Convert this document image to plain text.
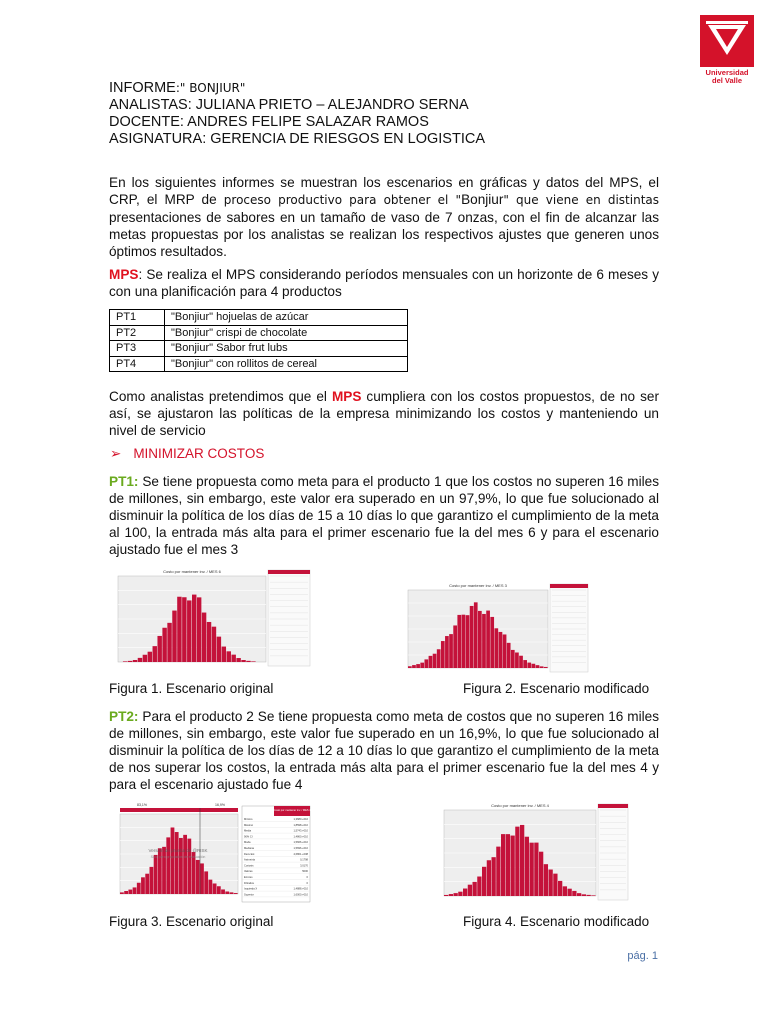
Universidad
del Valle
INFORME:" BONJIUR"
ANALISTAS: JULIANA PRIETO – ALEJANDRO SERNA
DOCENTE: ANDRES FELIPE SALAZAR RAMOS
ASIGNATURA: GERENCIA DE RIESGOS EN LOGISTICA
En los siguientes informes se muestran los escenarios en gráficas y datos del MPS, el CRP, el MRP de proceso productivo para obtener el "Bonjiur" que viene en distintas presentaciones de sabores en un tamaño de vaso de 7 onzas, con el fin de alcanzar las metas propuestas por los analistas se realizan los respectivos ajustes que generen unos óptimos resultados.
MPS: Se realiza el MPS considerando períodos mensuales con un horizonte de 6 meses y con una planificación para 4 productos
PT1	"Bonjiur" hojuelas de azúcar
PT2	"Bonjiur" crispi de chocolate
PT3	"Bonjiur" Sabor frut lubs
PT4	"Bonjiur" con rollitos de cereal
Como analistas pretendimos que el MPS cumpliera con los costos propuestos, de no ser así, se ajustaron las políticas de la empresa minimizando los costos y manteniendo un nivel de servicio
➢ MINIMIZAR COSTOS
PT1: Se tiene propuesta como meta para el producto 1 que los costos no superen 16 miles de millones, sin embargo, este valor era superado en un 97,9%, lo que fue solucionado al disminuir la política de los días de 15 a 10 días lo que garantizo el cumplimiento de la meta al 100, la entrada más alta para el primer escenario fue la del mes 6 y para el escenario ajustado fue el mes 3
Costo por mantener inv. / MES 6
Figura 1. Escenario original
Costo por mantener inv. / MES 3
Figura 2. Escenario modificado
PT2: Para el producto 2 Se tiene propuesta como meta de costos que no superen 16 miles de millones, sin embargo, este valor fue superado en un 16,9%, lo que fue solucionado al disminuir la política de los días de 12 a 10 días lo que garantizo el cumplimiento de la meta de nos superar los costos, la entrada más alta para el primer escenario fue la del mes 4 y para el escenario ajustado fue 4
83,1%	16,9%
Versión de prueba de @RISK
Sólo para propósitos de evaluación
Costo por mantener inv. / MES 4
Mínimo	1,3680.+010
Máximo	1,8598.+010
Media	1,5743.+010
90% CI	1,4860.+010
Moda	1,5666.+010
Mediana	1,5696.+010
Desv Est	4,6801.+008
Asimetría	0,1798
Curtosis	3,0170
Valores	5000
Errores	0
Filtrados	0
Izquierda X	1,4888.+010
Superior	1,6000.+010
Figura 3. Escenario original
Costo por mantener inv. / MES 4
Figura 4. Escenario modificado
pág. 1
